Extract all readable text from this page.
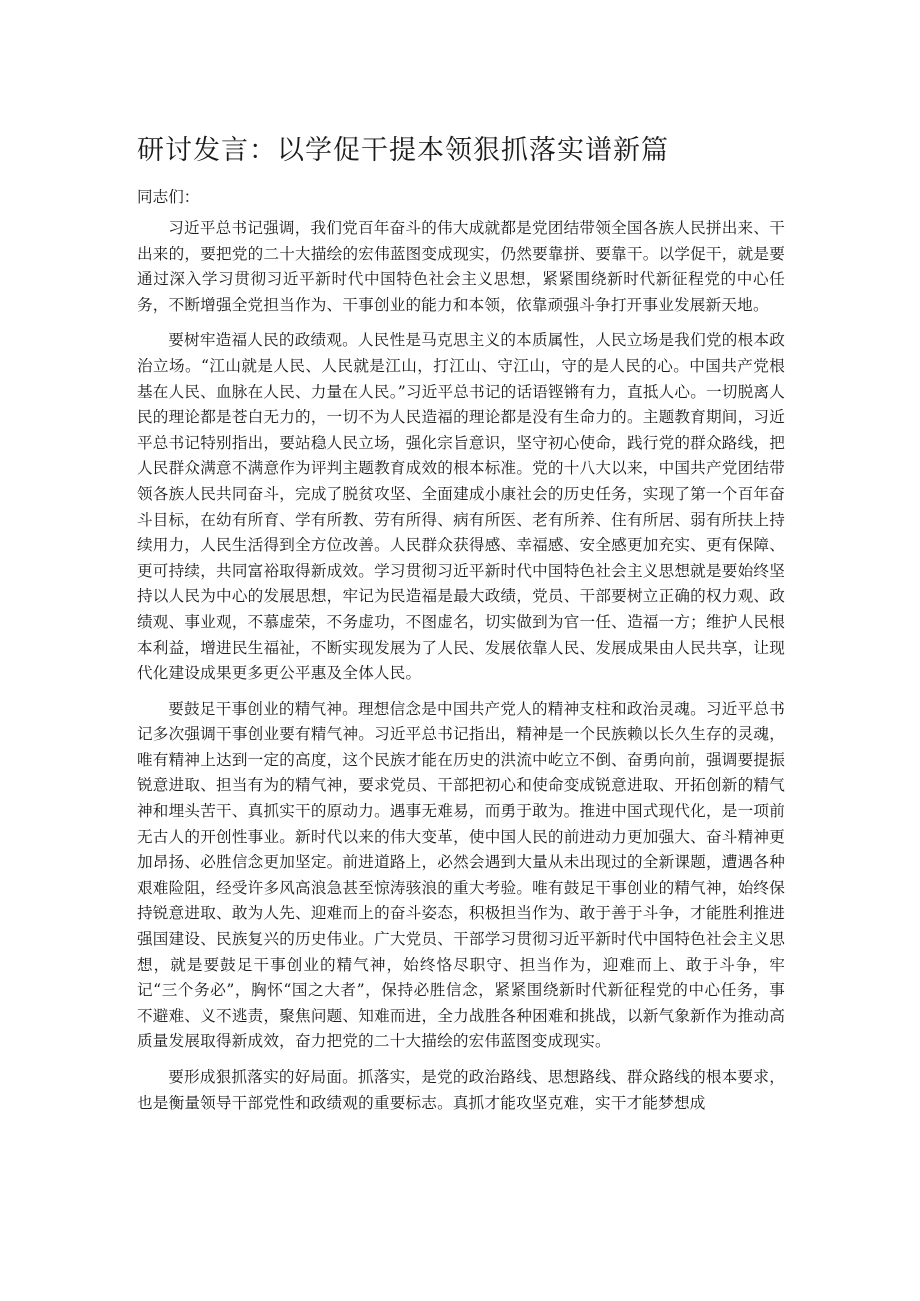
研讨发言：以学促干提本领狠抓落实谱新篇

同志们：

习近平总书记强调，我们党百年奋斗的伟大成就都是党团结带领全国各族人民拼出来、干出来的，要把党的二十大描绘的宏伟蓝图变成现实，仍然要靠拼、要靠干。以学促干，就是要通过深入学习贯彻习近平新时代中国特色社会主义思想，紧紧围绕新时代新征程党的中心任务，不断增强全党担当作为、干事创业的能力和本领，依靠顽强斗争打开事业发展新天地。

要树牢造福人民的政绩观。人民性是马克思主义的本质属性，人民立场是我们党的根本政治立场。“江山就是人民、人民就是江山，打江山、守江山，守的是人民的心。中国共产党根基在人民、血脉在人民、力量在人民。”习近平总书记的话语铿锵有力，直抵人心。一切脱离人民的理论都是苍白无力的，一切不为人民造福的理论都是没有生命力的。主题教育期间，习近平总书记特别指出，要站稳人民立场，强化宗旨意识，坚守初心使命，践行党的群众路线，把人民群众满意不满意作为评判主题教育成效的根本标准。党的十八大以来，中国共产党团结带领各族人民共同奋斗，完成了脱贫攻坚、全面建成小康社会的历史任务，实现了第一个百年奋斗目标，在幼有所育、学有所教、劳有所得、病有所医、老有所养、住有所居、弱有所扶上持续用力，人民生活得到全方位改善。人民群众获得感、幸福感、安全感更加充实、更有保障、更可持续，共同富裕取得新成效。学习贯彻习近平新时代中国特色社会主义思想就是要始终坚持以人民为中心的发展思想，牢记为民造福是最大政绩，党员、干部要树立正确的权力观、政绩观、事业观，不慕虚荣，不务虚功，不图虚名，切实做到为官一任、造福一方；维护人民根本利益，增进民生福祉，不断实现发展为了人民、发展依靠人民、发展成果由人民共享，让现代化建设成果更多更公平惠及全体人民。

要鼓足干事创业的精气神。理想信念是中国共产党人的精神支柱和政治灵魂。习近平总书记多次强调干事创业要有精气神。习近平总书记指出，精神是一个民族赖以长久生存的灵魂，唯有精神上达到一定的高度，这个民族才能在历史的洪流中屹立不倒、奋勇向前，强调要提振锐意进取、担当有为的精气神，要求党员、干部把初心和使命变成锐意进取、开拓创新的精气神和埋头苦干、真抓实干的原动力。遇事无难易，而勇于敢为。推进中国式现代化，是一项前无古人的开创性事业。新时代以来的伟大变革，使中国人民的前进动力更加强大、奋斗精神更加昂扬、必胜信念更加坚定。前进道路上，必然会遇到大量从未出现过的全新课题，遭遇各种艰难险阻，经受许多风高浪急甚至惊涛骇浪的重大考验。唯有鼓足干事创业的精气神，始终保持锐意进取、敢为人先、迎难而上的奋斗姿态，积极担当作为、敢于善于斗争，才能胜利推进强国建设、民族复兴的历史伟业。广大党员、干部学习贯彻习近平新时代中国特色社会主义思想，就是要鼓足干事创业的精气神，始终恪尽职守、担当作为，迎难而上、敢于斗争，牢记“三个务必”，胸怀“国之大者”，保持必胜信念，紧紧围绕新时代新征程党的中心任务，事不避难、义不逃责，聚焦问题、知难而进，全力战胜各种困难和挑战，以新气象新作为推动高质量发展取得新成效，奋力把党的二十大描绘的宏伟蓝图变成现实。

要形成狠抓落实的好局面。抓落实，是党的政治路线、思想路线、群众路线的根本要求，也是衡量领导干部党性和政绩观的重要标志。真抓才能攻坚克难，实干才能梦想成
